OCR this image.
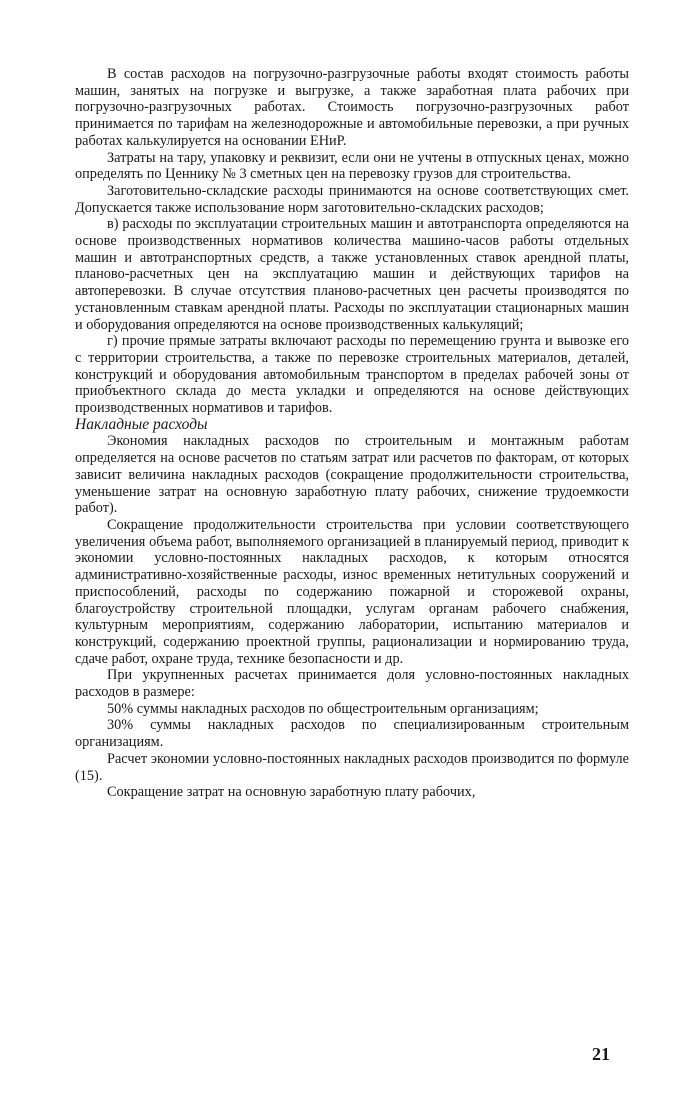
В состав расходов на погрузочно-разгрузочные работы входят стоимость работы машин, занятых на погрузке и выгрузке, а также заработная плата рабочих при погрузочно-разгрузочных работах. Стоимость погрузочно-разгрузочных работ принимается по тарифам на железнодорожные и автомобильные перевозки, а при ручных работах калькулируется на основании ЕНиР.

Затраты на тару, упаковку и реквизит, если они не учтены в отпускных ценах, можно определять по Ценнику № 3 сметных цен на перевозку грузов для строительства.

Заготовительно-складские расходы принимаются на основе соответствующих смет. Допускается также использование норм заготовительно-складских расходов;

в) расходы по эксплуатации строительных машин и автотранспорта определяются на основе производственных нормативов количества машино-часов работы отдельных машин и автотранспортных средств, а также установленных ставок арендной платы, планово-расчетных цен на эксплуатацию машин и действующих тарифов на автоперевозки. В случае отсутствия планово-расчетных цен расчеты производятся по установленным ставкам арендной платы. Расходы по эксплуатации стационарных машин и оборудования определяются на основе производственных калькуляций;

г) прочие прямые затраты включают расходы по перемещению грунта и вывозке его с территории строительства, а также по перевозке строительных материалов, деталей, конструкций и оборудования автомобильным транспортом в пределах рабочей зоны от приобъектного склада до места укладки и определяются на основе действующих производственных нормативов и тарифов.

Накладные расходы

Экономия накладных расходов по строительным и монтажным работам определяется на основе расчетов по статьям затрат или расчетов по факторам, от которых зависит величина накладных расходов (сокращение продолжительности строительства, уменьшение затрат на основную заработную плату рабочих, снижение трудоемкости работ).

Сокращение продолжительности строительства при условии соответствующего увеличения объема работ, выполняемого организацией в планируемый период, приводит к экономии условно-постоянных накладных расходов, к которым относятся административно-хозяйственные расходы, износ временных нетитульных сооружений и приспособлений, расходы по содержанию пожарной и сторожевой охраны, благоустройству строительной площадки, услугам органам рабочего снабжения, культурным мероприятиям, содержанию лаборатории, испытанию материалов и конструкций, содержанию проектной группы, рационализации и нормированию труда, сдаче работ, охране труда, технике безопасности и др.

При укрупненных расчетах принимается доля условно-постоянных накладных расходов в размере:

50% суммы накладных расходов по общестроительным организациям;

30% суммы накладных расходов по специализированным строительным организациям.

Расчет экономии условно-постоянных накладных расходов производится по формуле (15).

Сокращение затрат на основную заработную плату рабочих,

21
